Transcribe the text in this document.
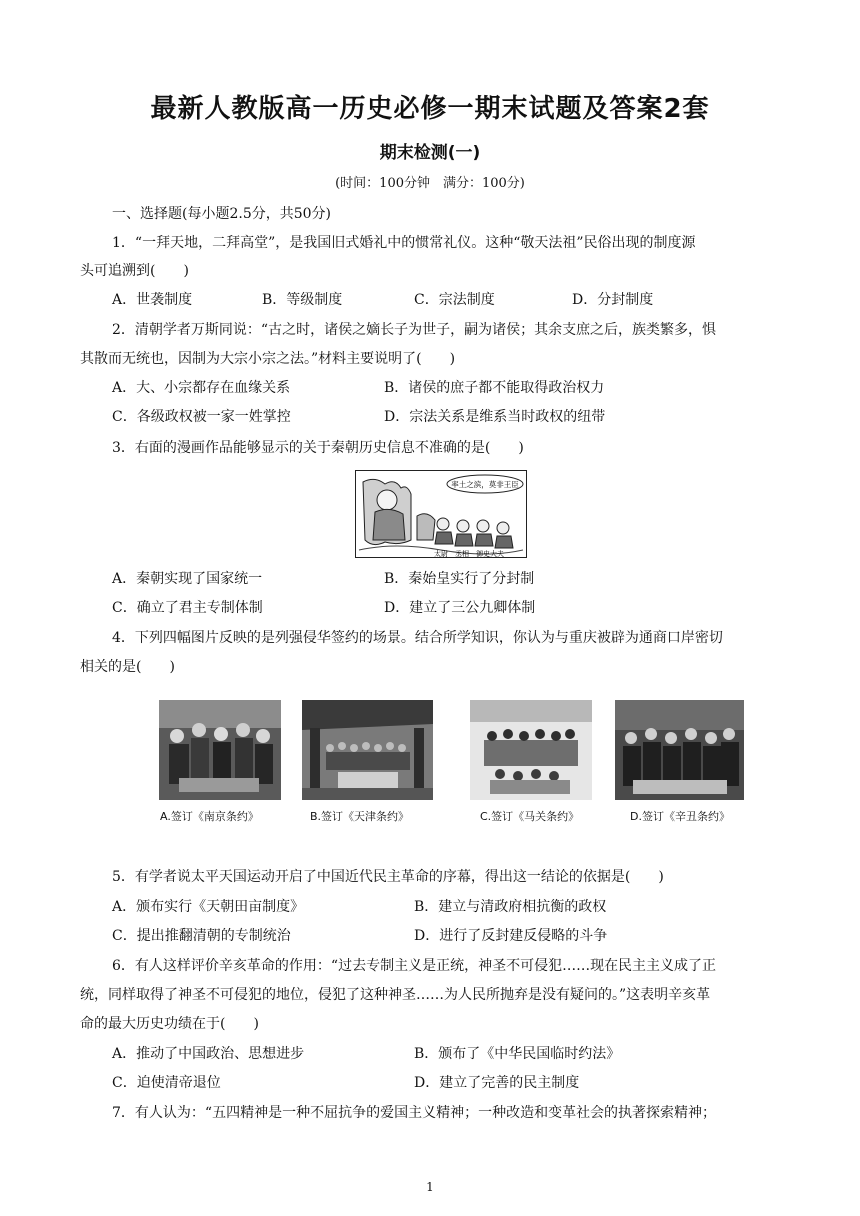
最新人教版高一历史必修一期末试题及答案2套
期末检测(一)
(时间：100分钟　满分：100分)
一、选择题(每小题2.5分，共50分)
1．“一拜天地，二拜高堂”，是我国旧式婚礼中的惯常礼仪。这种“敬天法祖”民俗出现的制度源
头可追溯到(　　)
A．世袭制度	B．等级制度	C．宗法制度	D．分封制度
2．清朝学者万斯同说：“古之时，诸侯之嫡长子为世子，嗣为诸侯；其余支庶之后，族类繁多，惧
其散而无统也，因制为大宗小宗之法。”材料主要说明了(　　)
A．大、小宗都存在血缘关系	B．诸侯的庶子都不能取得政治权力
C．各级政权被一家一姓掌控	D．宗法关系是维系当时政权的纽带
3．右面的漫画作品能够显示的关于秦朝历史信息不准确的是(　　)
率土之滨，莫非王臣
太尉　丞相　御史大夫
A．秦朝实现了国家统一	B．秦始皇实行了分封制
C．确立了君主专制体制	D．建立了三公九卿体制
4．下列四幅图片反映的是列强侵华签约的场景。结合所学知识，你认为与重庆被辟为通商口岸密切
相关的是(　　)
A.签订《南京条约》	B.签订《天津条约》	C.签订《马关条约》	D.签订《辛丑条约》
5．有学者说太平天国运动开启了中国近代民主革命的序幕，得出这一结论的依据是(　　)
A．颁布实行《天朝田亩制度》	B．建立与清政府相抗衡的政权
C．提出推翻清朝的专制统治	D．进行了反封建反侵略的斗争
6．有人这样评价辛亥革命的作用：“过去专制主义是正统，神圣不可侵犯……现在民主主义成了正
统，同样取得了神圣不可侵犯的地位，侵犯了这种神圣……为人民所抛弃是没有疑问的。”这表明辛亥革
命的最大历史功绩在于(　　)
A．推动了中国政治、思想进步	B．颁布了《中华民国临时约法》
C．迫使清帝退位	D．建立了完善的民主制度
7．有人认为：“五四精神是一种不屈抗争的爱国主义精神；一种改造和变革社会的执著探索精神；
1
